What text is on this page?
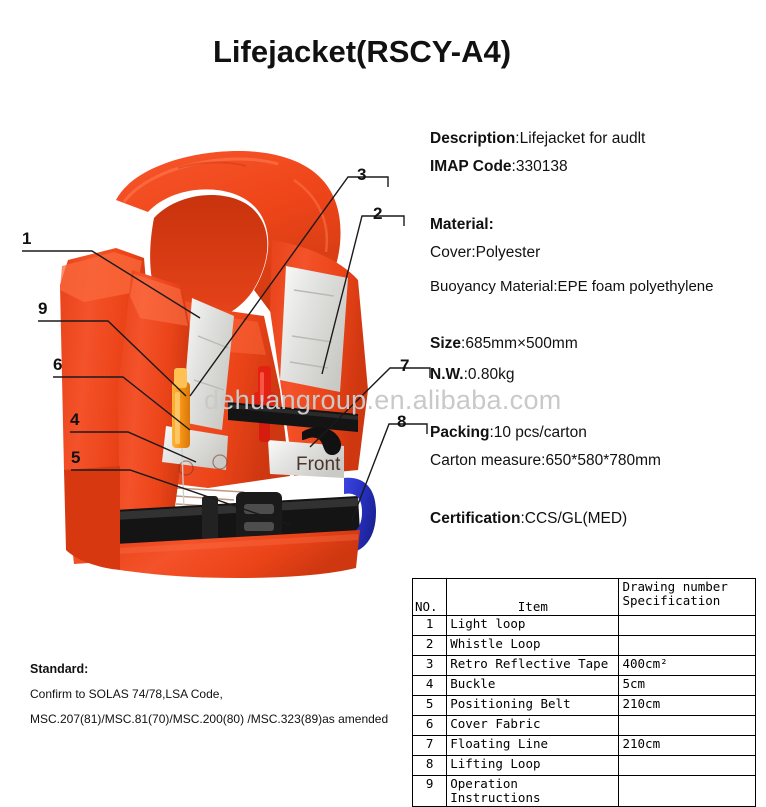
Lifejacket(RSCY-A4)
Front
1
9
6
4
5
3
2
7
8
Description:Lifejacket for audlt
IMAP Code:330138
Material:
Cover:Polyester
Buoyancy Material:EPE foam polyethylene
Size:685mm×500mm
N.W.:0.80kg
Packing:10 pcs/carton
Carton measure:650*580*780mm
Certification:CCS/GL(MED)
dehuangroup.en.alibaba.com
Standard:
Confirm to SOLAS 74/78,LSA Code,
MSC.207(81)/MSC.81(70)/MSC.200(80) /MSC.323(89)as amended
NO.	Item	Drawing number
Specification

1	Light loop	
2	Whistle Loop	
3	Retro Reflective Tape	400cm²
4	Buckle	5cm
5	Positioning Belt	210cm
6	Cover Fabric	
7	Floating Line	210cm
8	Lifting Loop	
9	Operation Instructions	
